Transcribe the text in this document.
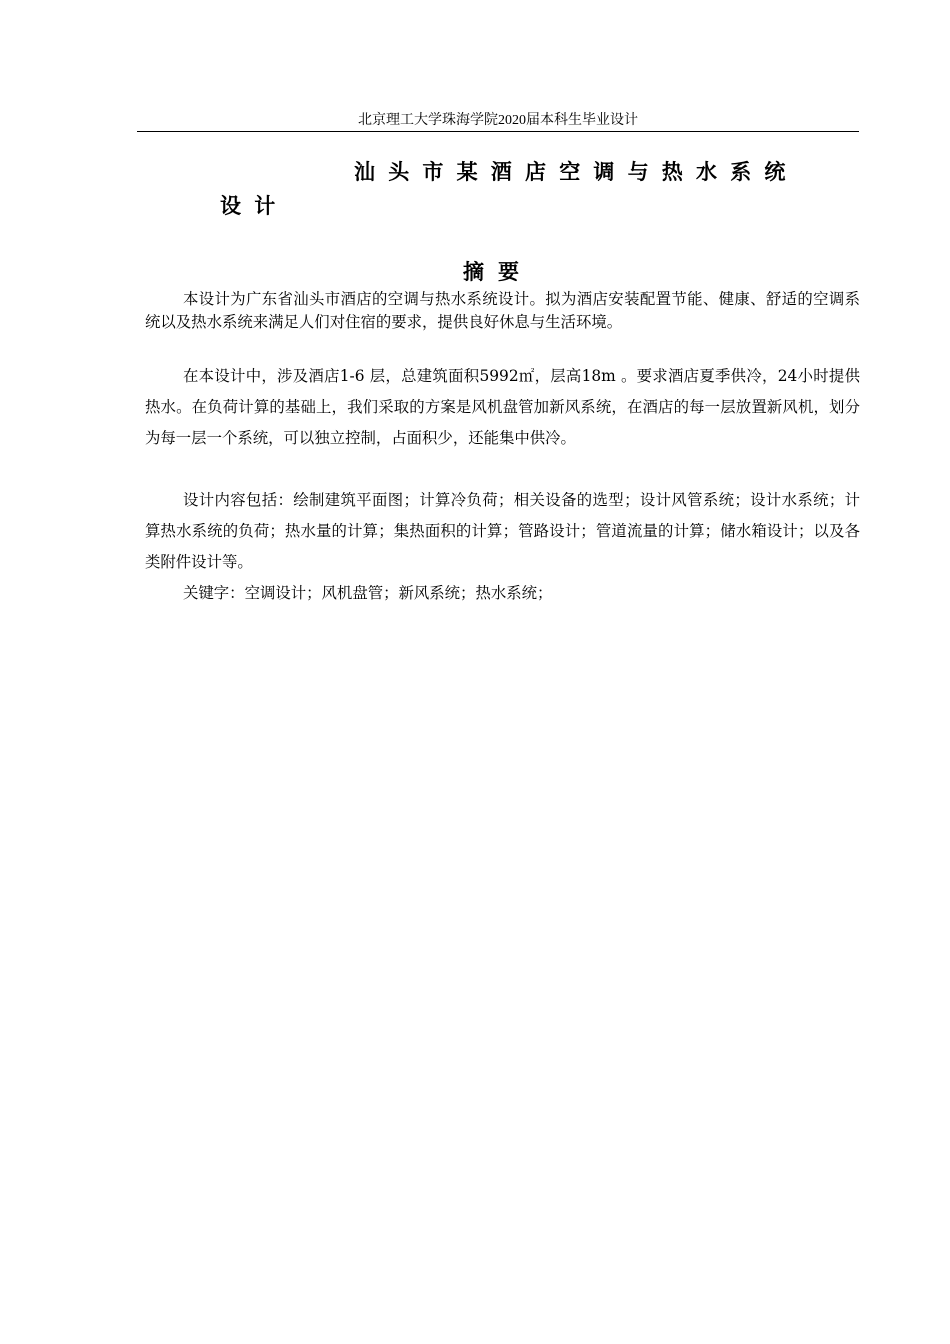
北京理工大学珠海学院2020届本科生毕业设计
汕头市某酒店空调与热水系统
设计
摘要

本设计为广东省汕头市酒店的空调与热水系统设计。拟为酒店安装配置节能、健康、舒适的空调系统以及热水系统来满足人们对住宿的要求，提供良好休息与生活环境。

在本设计中，涉及酒店1-6 层，总建筑面积5992㎡，层高18m 。要求酒店夏季供冷，24小时提供热水。在负荷计算的基础上，我们采取的方案是风机盘管加新风系统，在酒店的每一层放置新风机，划分为每一层一个系统，可以独立控制，占面积少，还能集中供冷。

设计内容包括：绘制建筑平面图；计算冷负荷；相关设备的选型；设计风管系统；设计水系统；计算热水系统的负荷；热水量的计算；集热面积的计算；管路设计；管道流量的计算；储水箱设计；以及各类附件设计等。

关键字：空调设计；风机盘管；新风系统；热水系统；
